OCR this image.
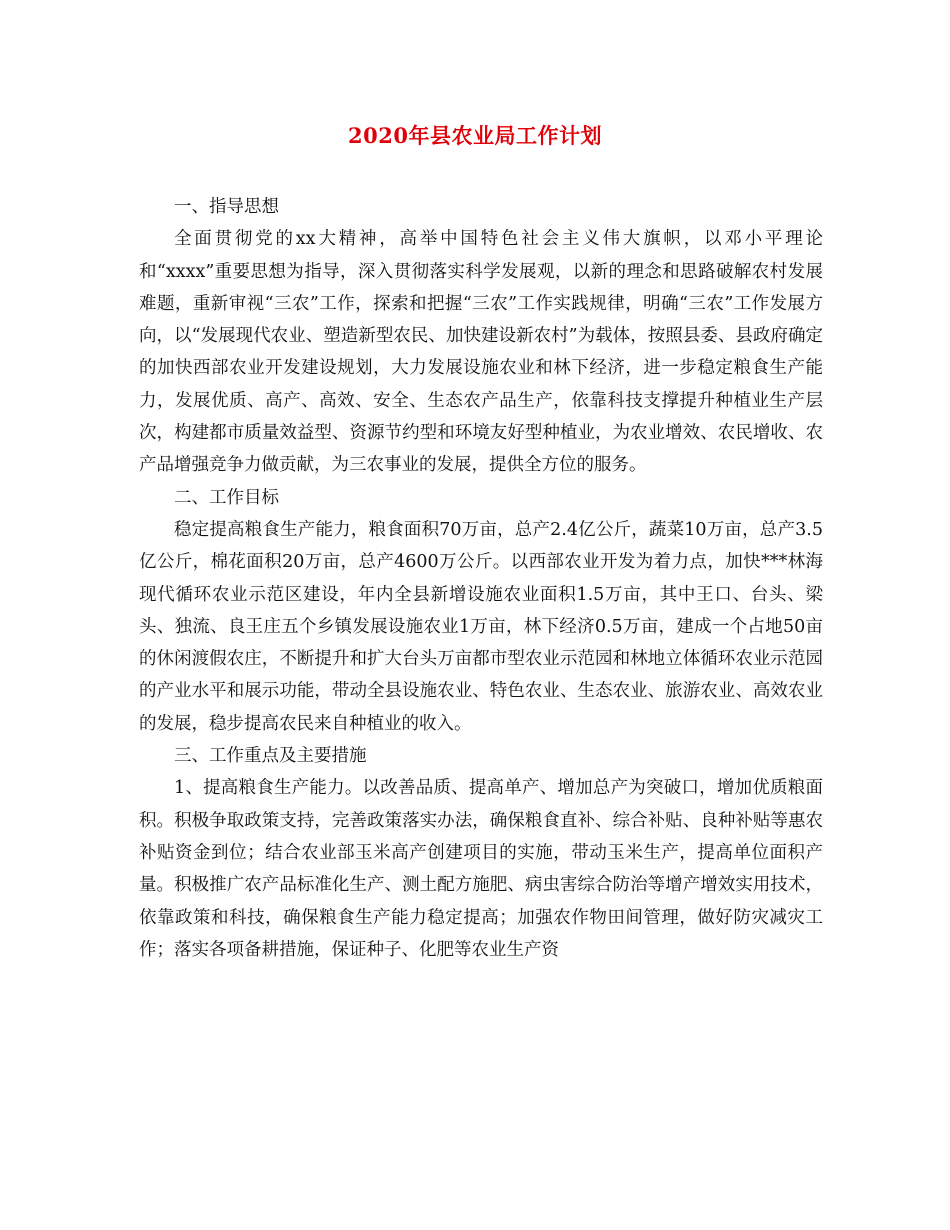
2020年县农业局工作计划

一、指导思想

全面贯彻党的xx大精神，高举中国特色社会主义伟大旗帜，以邓小平理论和“xxxx”重要思想为指导，深入贯彻落实科学发展观，以新的理念和思路破解农村发展难题，重新审视“三农”工作，探索和把握“三农”工作实践规律，明确“三农”工作发展方向，以“发展现代农业、塑造新型农民、加快建设新农村”为载体，按照县委、县政府确定的加快西部农业开发建设规划，大力发展设施农业和林下经济，进一步稳定粮食生产能力，发展优质、高产、高效、安全、生态农产品生产，依靠科技支撑提升种植业生产层次，构建都市质量效益型、资源节约型和环境友好型种植业，为农业增效、农民增收、农产品增强竞争力做贡献，为三农事业的发展，提供全方位的服务。

二、工作目标

稳定提高粮食生产能力，粮食面积70万亩，总产2.4亿公斤，蔬菜10万亩，总产3.5亿公斤，棉花面积20万亩，总产4600万公斤。以西部农业开发为着力点，加快***林海现代循环农业示范区建设，年内全县新增设施农业面积1.5万亩，其中王口、台头、梁头、独流、良王庄五个乡镇发展设施农业1万亩，林下经济0.5万亩，建成一个占地50亩的休闲渡假农庄，不断提升和扩大台头万亩都市型农业示范园和林地立体循环农业示范园的产业水平和展示功能，带动全县设施农业、特色农业、生态农业、旅游农业、高效农业的发展，稳步提高农民来自种植业的收入。

三、工作重点及主要措施

1、提高粮食生产能力。以改善品质、提高单产、增加总产为突破口，增加优质粮面积。积极争取政策支持，完善政策落实办法，确保粮食直补、综合补贴、良种补贴等惠农补贴资金到位；结合农业部玉米高产创建项目的实施，带动玉米生产，提高单位面积产量。积极推广农产品标准化生产、测土配方施肥、病虫害综合防治等增产增效实用技术，依靠政策和科技，确保粮食生产能力稳定提高；加强农作物田间管理，做好防灾减灾工作；落实各项备耕措施，保证种子、化肥等农业生产资
